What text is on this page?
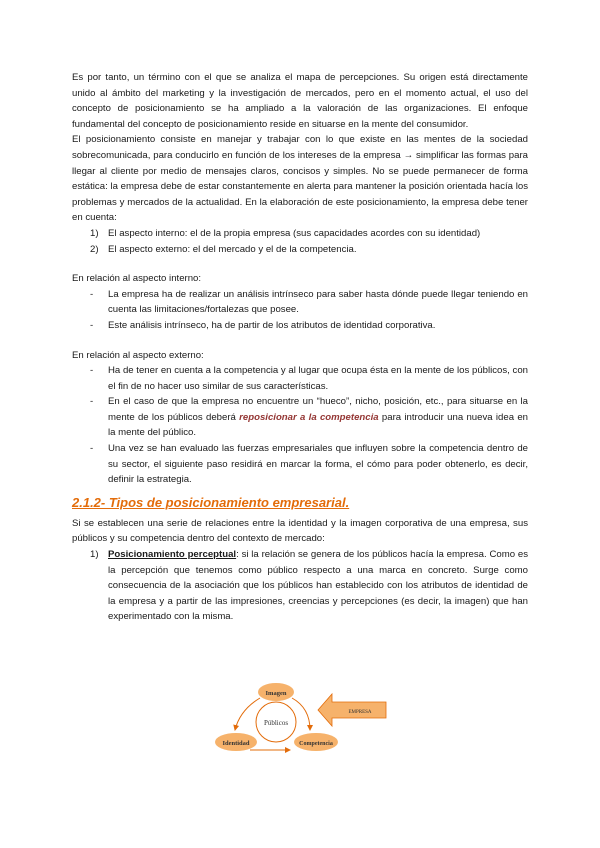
Es por tanto, un término con el que se analiza el mapa de percepciones. Su origen está directamente unido al ámbito del marketing y la investigación de mercados, pero en el momento actual, el uso del concepto de posicionamiento se ha ampliado a la valoración de las organizaciones. El enfoque fundamental del concepto de posicionamiento reside en situarse en la mente del consumidor.

El posicionamiento consiste en manejar y trabajar con lo que existe en las mentes de la sociedad sobrecomunicada, para conducirlo en función de los intereses de la empresa → simplificar las formas para llegar al cliente por medio de mensajes claros, concisos y simples. No se puede permanecer de forma estática: la empresa debe de estar constantemente en alerta para mantener la posición orientada hacía los problemas y mercados de la actualidad. En la elaboración de este posicionamiento, la empresa debe tener en cuenta:

1) El aspecto interno: el de la propia empresa (sus capacidades acordes con su identidad)
2) El aspecto externo: el del mercado y el de la competencia.

En relación al aspecto interno:

- La empresa ha de realizar un análisis intrínseco para saber hasta dónde puede llegar teniendo en cuenta las limitaciones/fortalezas que posee.
- Este análisis intrínseco, ha de partir de los atributos de identidad corporativa.

En relación al aspecto externo:

- Ha de tener en cuenta a la competencia y al lugar que ocupa ésta en la mente de los públicos, con el fin de no hacer uso similar de sus características.
- En el caso de que la empresa no encuentre un “hueco”, nicho, posición, etc., para situarse en la mente de los públicos deberá reposicionar a la competencia para introducir una nueva idea en la mente del público.
- Una vez se han evaluado las fuerzas empresariales que influyen sobre la competencia dentro de su sector, el siguiente paso residirá en marcar la forma, el cómo para poder obtenerlo, es decir, definir la estrategia.
2.1.2- Tipos de posicionamiento empresarial.

Si se establecen una serie de relaciones entre la identidad y la imagen corporativa de una empresa, sus públicos y su competencia dentro del contexto de mercado:

1) Posicionamiento perceptual: si la relación se genera de los públicos hacía la empresa. Como es la percepción que tenemos como público respecto a una marca en concreto. Surge como consecuencia de la asociación que los públicos han establecido con los atributos de identidad de la empresa y a partir de las impresiones, creencias y percepciones (es decir, la imagen) que han experimentado con la misma.
Públicos
Imagen
Identidad	Competencia
EMPRESA
